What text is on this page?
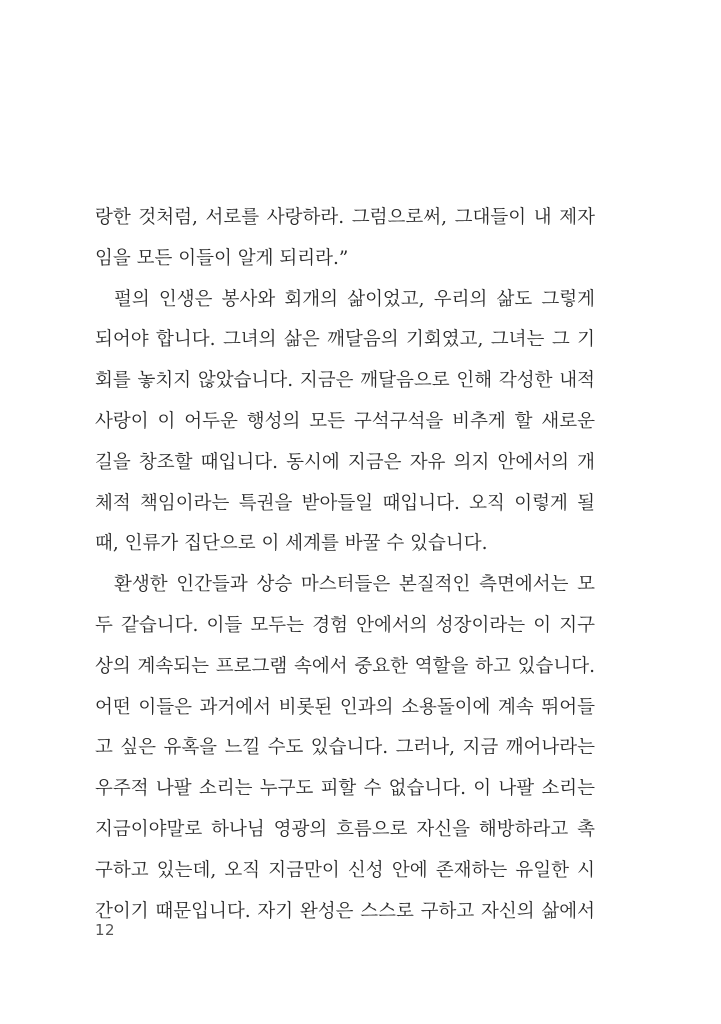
랑한 것처럼, 서로를 사랑하라. 그럼으로써, 그대들이 내 제자
임을 모든 이들이 알게 되리라.”
펄의 인생은 봉사와 회개의 삶이었고, 우리의 삶도 그렇게
되어야 합니다. 그녀의 삶은 깨달음의 기회였고, 그녀는 그 기
회를 놓치지 않았습니다. 지금은 깨달음으로 인해 각성한 내적
사랑이 이 어두운 행성의 모든 구석구석을 비추게 할 새로운
길을 창조할 때입니다. 동시에 지금은 자유 의지 안에서의 개
체적 책임이라는 특권을 받아들일 때입니다. 오직 이렇게 될
때, 인류가 집단으로 이 세계를 바꿀 수 있습니다.
환생한 인간들과 상승 마스터들은 본질적인 측면에서는 모
두 같습니다. 이들 모두는 경험 안에서의 성장이라는 이 지구
상의 계속되는 프로그램 속에서 중요한 역할을 하고 있습니다.
어떤 이들은 과거에서 비롯된 인과의 소용돌이에 계속 뛰어들
고 싶은 유혹을 느낄 수도 있습니다. 그러나, 지금 깨어나라는
우주적 나팔 소리는 누구도 피할 수 없습니다. 이 나팔 소리는
지금이야말로 하나님 영광의 흐름으로 자신을 해방하라고 촉
구하고 있는데, 오직 지금만이 신성 안에 존재하는 유일한 시
간이기 때문입니다. 자기 완성은 스스로 구하고 자신의 삶에서
12
